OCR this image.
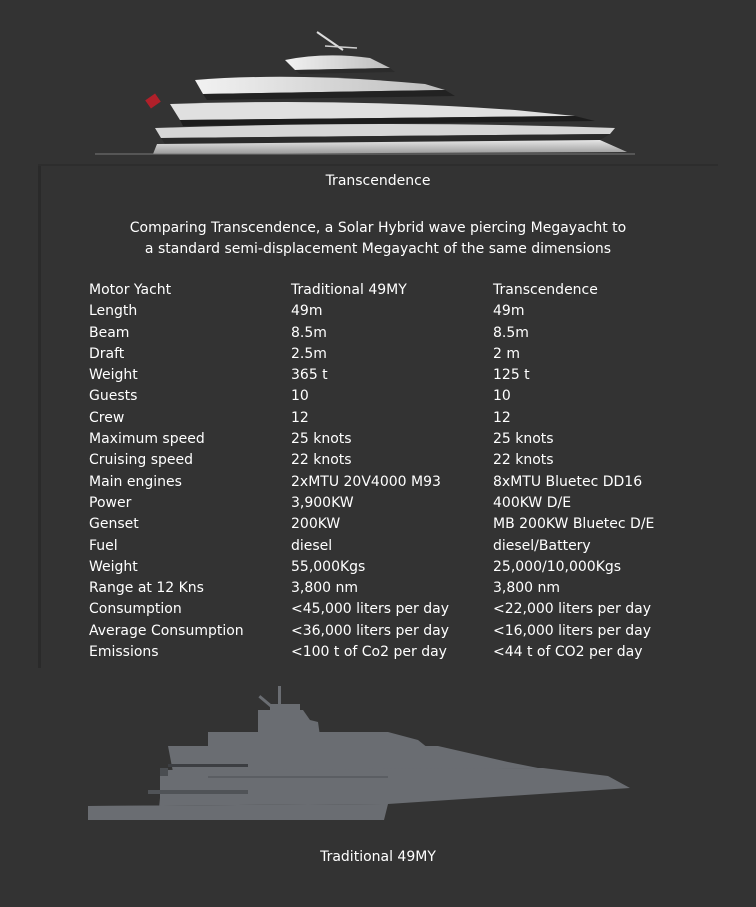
Transcendence
Comparing Transcendence, a Solar Hybrid wave piercing Megayacht to
a standard semi-displacement Megayacht of the same dimensions
Motor Yacht	Traditional 49MY	Transcendence
Length	49m	49m
Beam	8.5m	8.5m
Draft	2.5m	2 m
Weight	365 t	125 t
Guests	10	10
Crew	12	12
Maximum speed	25 knots	25 knots
Cruising speed	22 knots	22 knots
Main engines	2xMTU 20V4000 M93	8xMTU Bluetec DD16
Power	3,900KW	400KW D/E
Genset	200KW	MB 200KW Bluetec D/E
Fuel	diesel	diesel/Battery
Weight	55,000Kgs	25,000/10,000Kgs
Range at 12 Kns	3,800 nm	3,800 nm
Consumption	<45,000 liters per day	<22,000 liters per day
Average Consumption	<36,000 liters per day	<16,000 liters per day
Emissions	<100 t of Co2 per day	<44 t of CO2 per day
Traditional 49MY
